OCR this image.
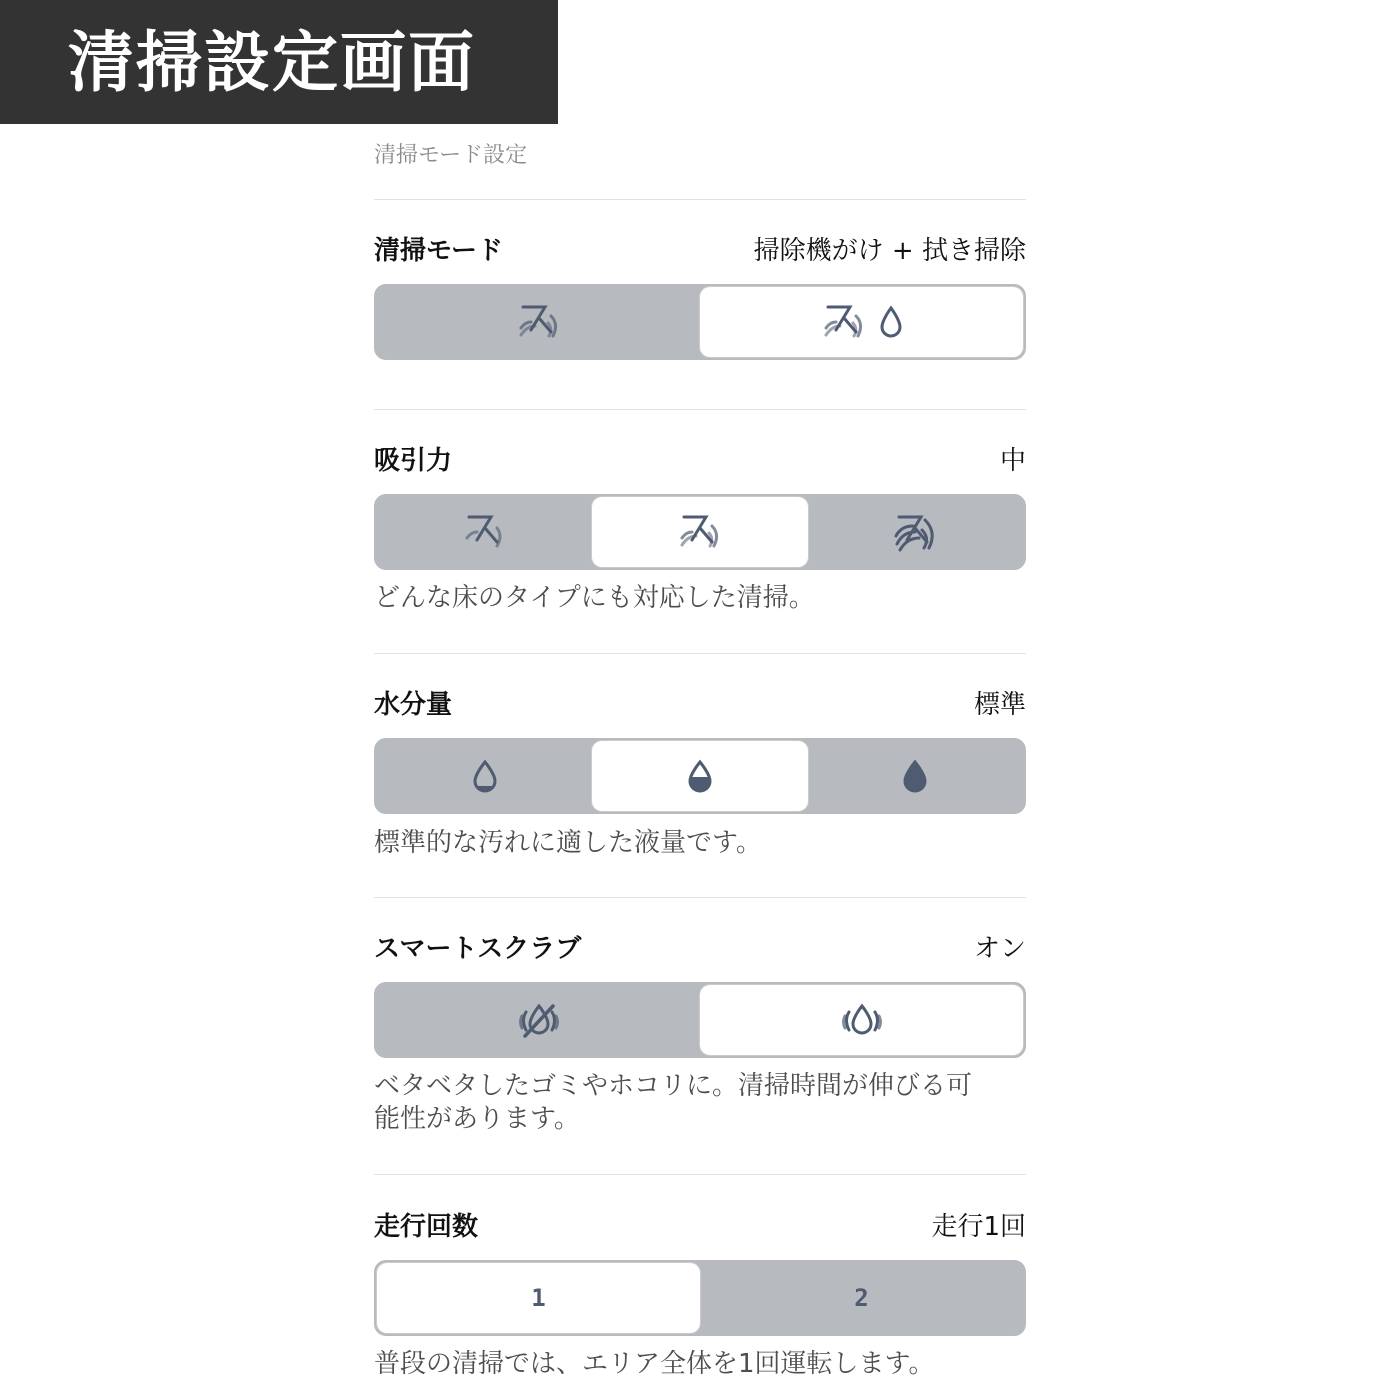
清掃設定画面
清掃モード設定
清掃モード	掃除機がけ + 拭き掃除
吸引力	中
どんな床のタイプにも対応した清掃。
水分量	標準
標準的な汚れに適した液量です。
スマートスクラブ	オン
ベタベタしたゴミやホコリに。清掃時間が伸びる可
能性があります。
走行回数	走行1回
1	2
普段の清掃では、エリア全体を1回運転します。
